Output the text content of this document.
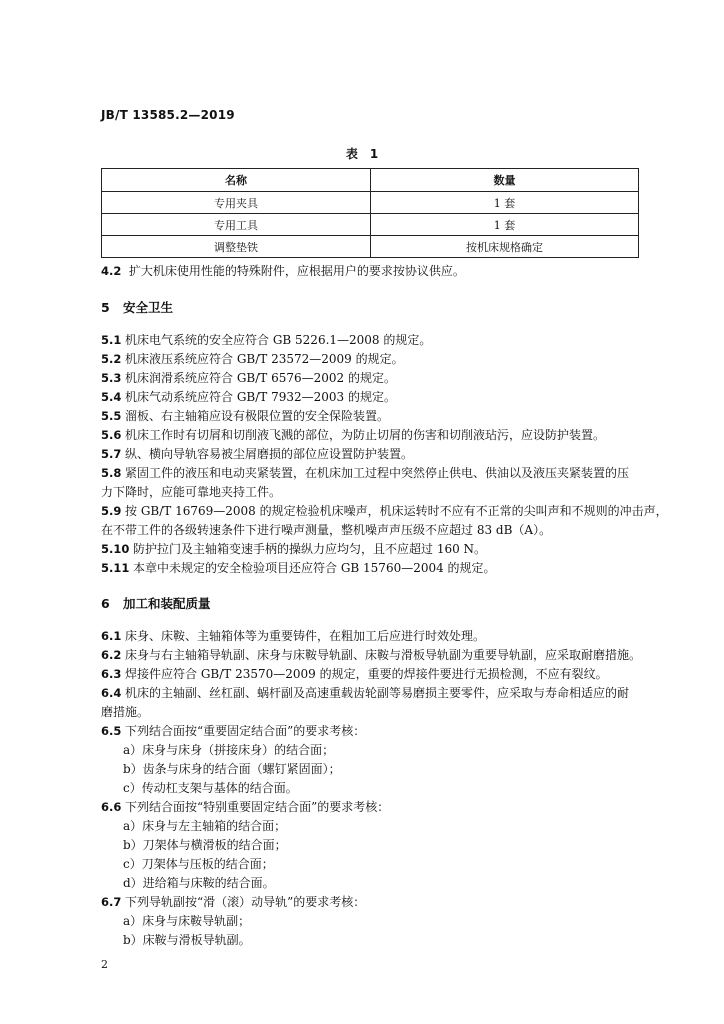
JB/T 13585.2—2019
表　1
名称	数量
专用夹具	1 套
专用工具	1 套
调整垫铁	按机床规格确定
4.2 扩大机床使用性能的特殊附件，应根据用户的要求按协议供应。
5 安全卫生
5.1 机床电气系统的安全应符合 GB 5226.1—2008 的规定。
5.2 机床液压系统应符合 GB/T 23572—2009 的规定。
5.3 机床润滑系统应符合 GB/T 6576—2002 的规定。
5.4 机床气动系统应符合 GB/T 7932—2003 的规定。
5.5 溜板、右主轴箱应设有极限位置的安全保险装置。
5.6 机床工作时有切屑和切削液飞溅的部位，为防止切屑的伤害和切削液玷污，应设防护装置。
5.7 纵、横向导轨容易被尘屑磨损的部位应设置防护装置。
5.8 紧固工件的液压和电动夹紧装置，在机床加工过程中突然停止供电、供油以及液压夹紧装置的压
力下降时，应能可靠地夹持工件。
5.9 按 GB/T 16769—2008 的规定检验机床噪声，机床运转时不应有不正常的尖叫声和不规则的冲击声，
在不带工件的各级转速条件下进行噪声测量，整机噪声声压级不应超过 83 dB（A）。
5.10 防护拉门及主轴箱变速手柄的操纵力应均匀，且不应超过 160 N。
5.11 本章中未规定的安全检验项目还应符合 GB 15760—2004 的规定。
6 加工和装配质量
6.1 床身、床鞍、主轴箱体等为重要铸件，在粗加工后应进行时效处理。
6.2 床身与右主轴箱导轨副、床身与床鞍导轨副、床鞍与滑板导轨副为重要导轨副，应采取耐磨措施。
6.3 焊接件应符合 GB/T 23570—2009 的规定，重要的焊接件要进行无损检测，不应有裂纹。
6.4 机床的主轴副、丝杠副、蜗杆副及高速重载齿轮副等易磨损主要零件，应采取与寿命相适应的耐
磨措施。
6.5 下列结合面按“重要固定结合面”的要求考核：
a）床身与床身（拼接床身）的结合面；
b）齿条与床身的结合面（螺钉紧固面）；
c）传动杠支架与基体的结合面。
6.6 下列结合面按“特别重要固定结合面”的要求考核：
a）床身与左主轴箱的结合面；
b）刀架体与横滑板的结合面；
c）刀架体与压板的结合面；
d）进给箱与床鞍的结合面。
6.7 下列导轨副按“滑（滚）动导轨”的要求考核：
a）床身与床鞍导轨副；
b）床鞍与滑板导轨副。
2
